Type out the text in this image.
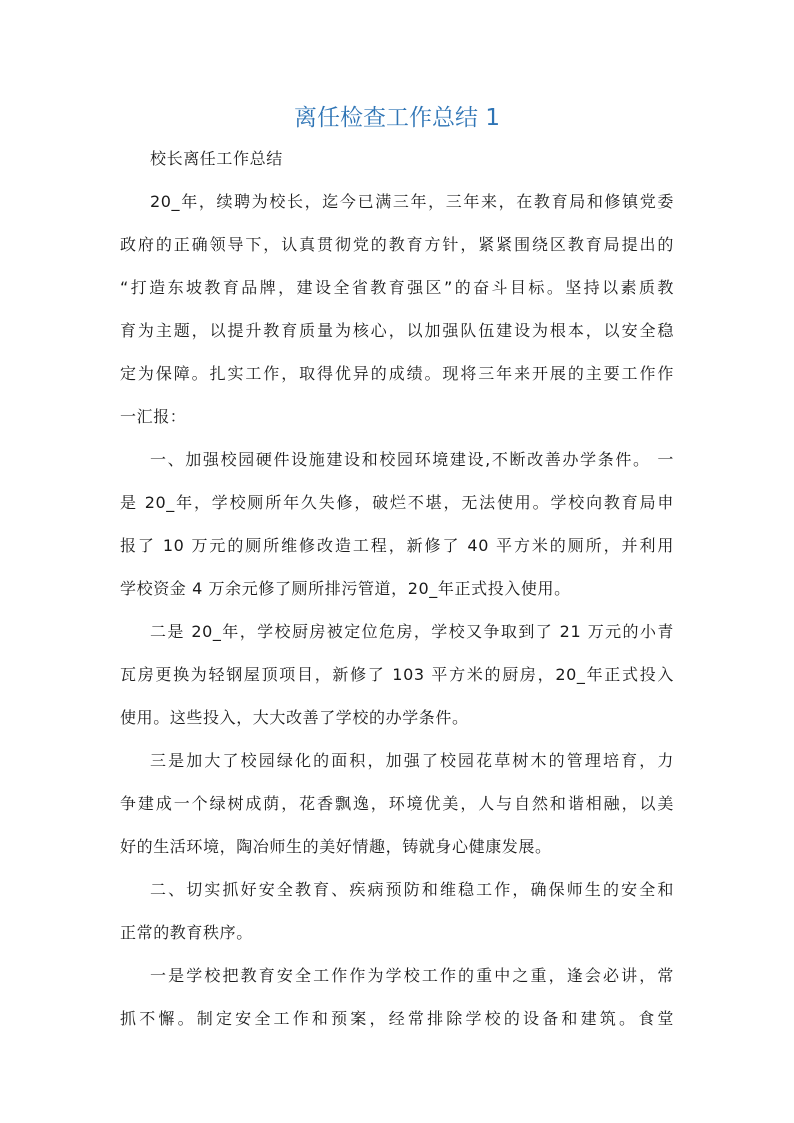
离任检查工作总结 1
校长离任工作总结
20_年，续聘为校长，迄今已满三年，三年来，在教育局和修镇党委
政府的正确领导下，认真贯彻党的教育方针，紧紧围绕区教育局提出的
“打造东坡教育品牌，建设全省教育强区”的奋斗目标。坚持以素质教
育为主题，以提升教育质量为核心，以加强队伍建设为根本，以安全稳
定为保障。扎实工作，取得优异的成绩。现将三年来开展的主要工作作
一汇报：
一、加强校园硬件设施建设和校园环境建设,不断改善办学条件。 一
是 20_年，学校厕所年久失修，破烂不堪，无法使用。学校向教育局申
报了 10 万元的厕所维修改造工程，新修了 40 平方米的厕所，并利用
学校资金 4 万余元修了厕所排污管道，20_年正式投入使用。
二是 20_年，学校厨房被定位危房，学校又争取到了 21 万元的小青
瓦房更换为轻钢屋顶项目，新修了 103 平方米的厨房，20_年正式投入
使用。这些投入，大大改善了学校的办学条件。
三是加大了校园绿化的面积，加强了校园花草树木的管理培育，力
争建成一个绿树成荫，花香飘逸，环境优美，人与自然和谐相融，以美
好的生活环境，陶冶师生的美好情趣，铸就身心健康发展。
二、切实抓好安全教育、疾病预防和维稳工作，确保师生的安全和
正常的教育秩序。
一是学校把教育安全工作作为学校工作的重中之重，逢会必讲，常
抓不懈。制定安全工作和预案，经常排除学校的设备和建筑。食堂
